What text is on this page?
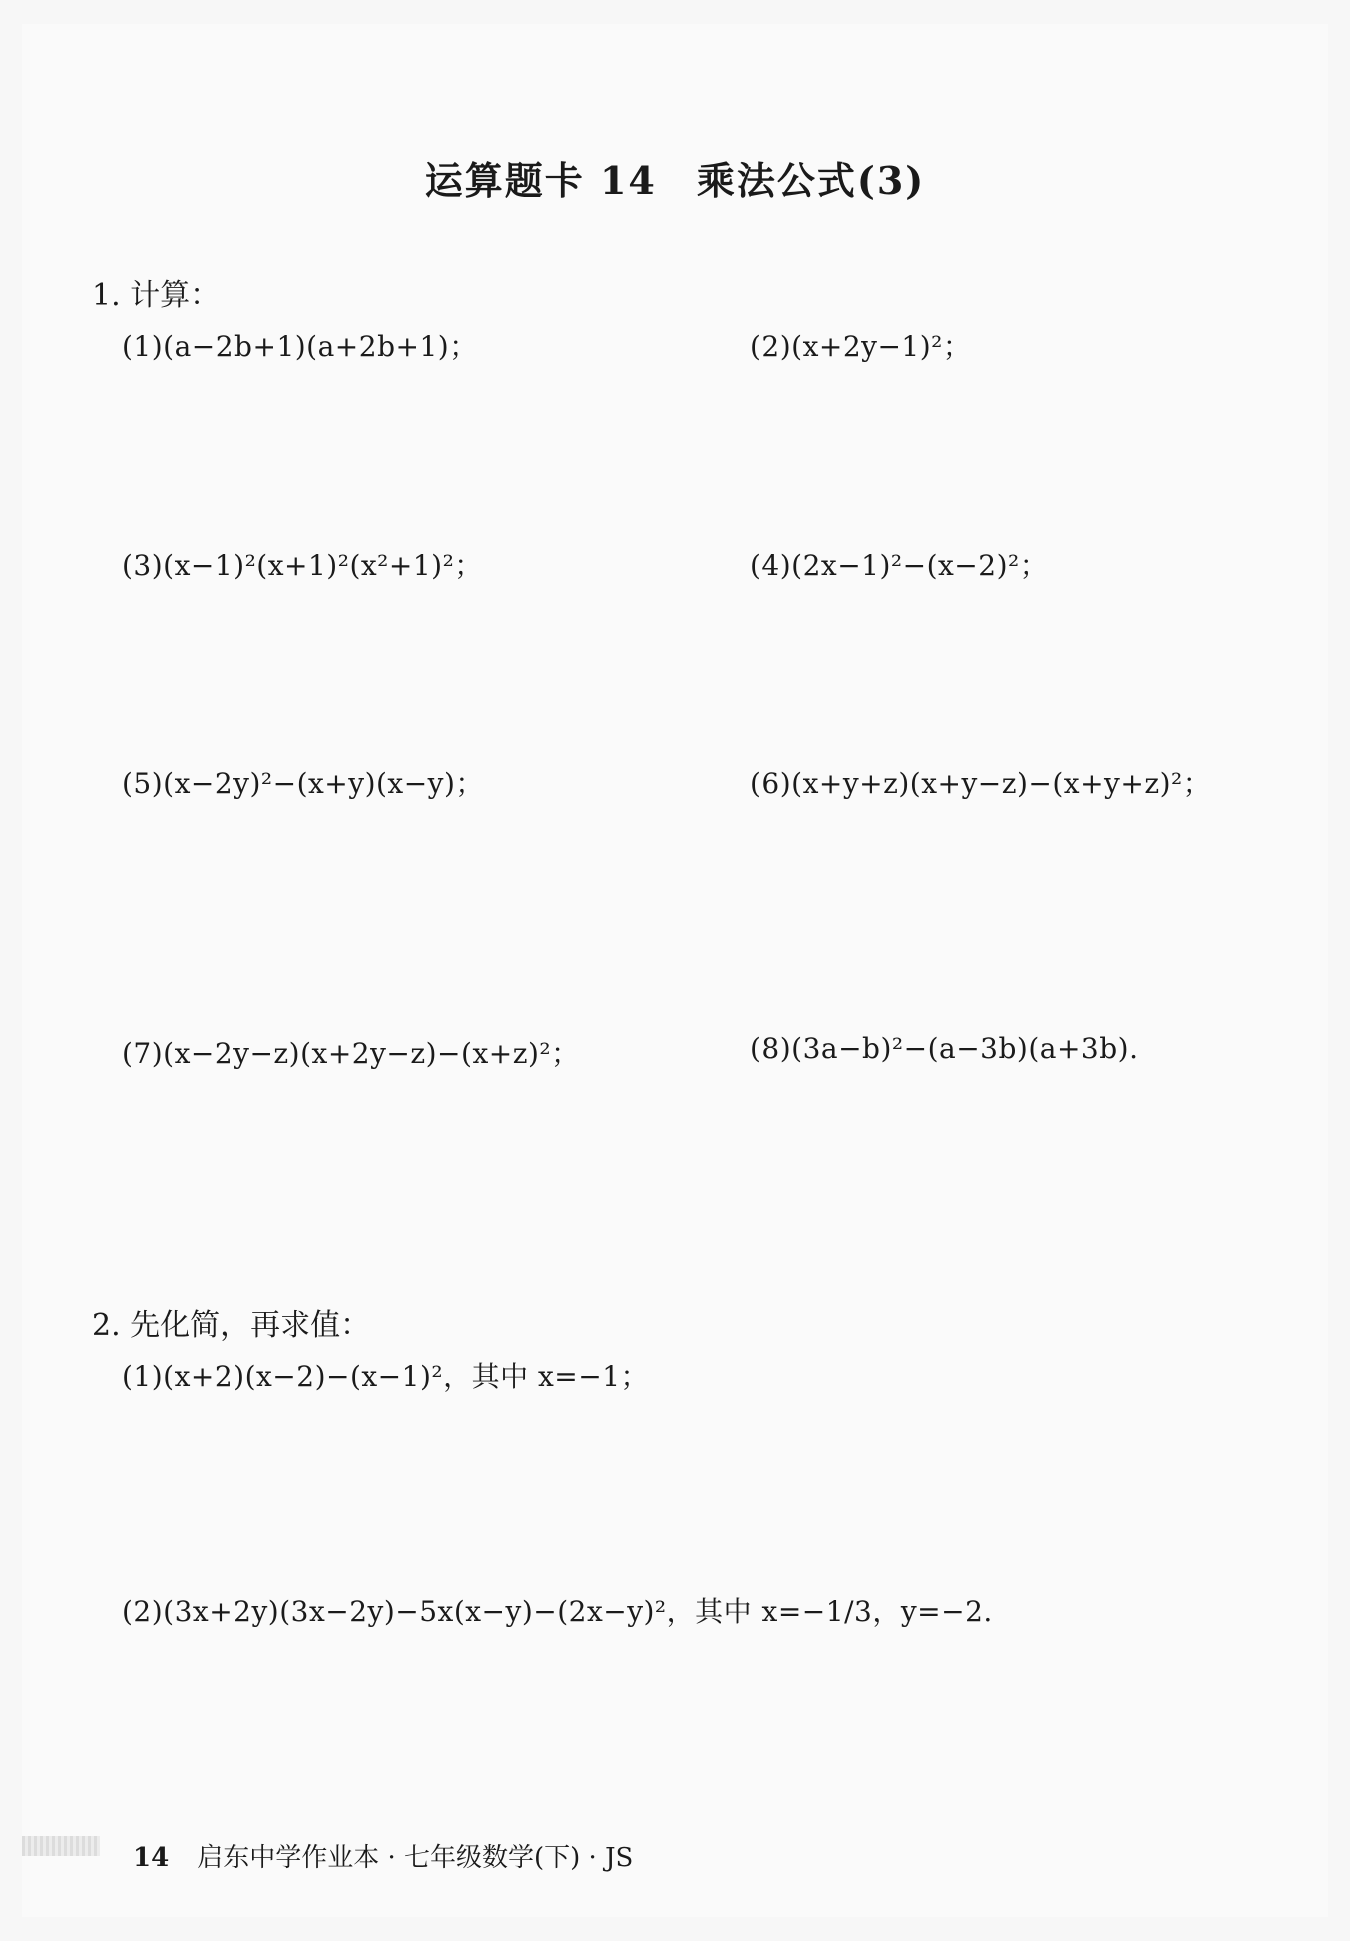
运算题卡 14　乘法公式(3)
1. 计算：
(1)(a−2b+1)(a+2b+1)；	(2)(x+2y−1)²；
(3)(x−1)²(x+1)²(x²+1)²；	(4)(2x−1)²−(x−2)²；
(5)(x−2y)²−(x+y)(x−y)；	(6)(x+y+z)(x+y−z)−(x+y+z)²；
(7)(x−2y−z)(x+2y−z)−(x+z)²；	(8)(3a−b)²−(a−3b)(a+3b).
2. 先化简，再求值：
(1)(x+2)(x−2)−(x−1)²，其中 x=−1；
(2)(3x+2y)(3x−2y)−5x(x−y)−(2x−y)²，其中 x=−1/3，y=−2.
14 启东中学作业本 · 七年级数学(下) · JS
